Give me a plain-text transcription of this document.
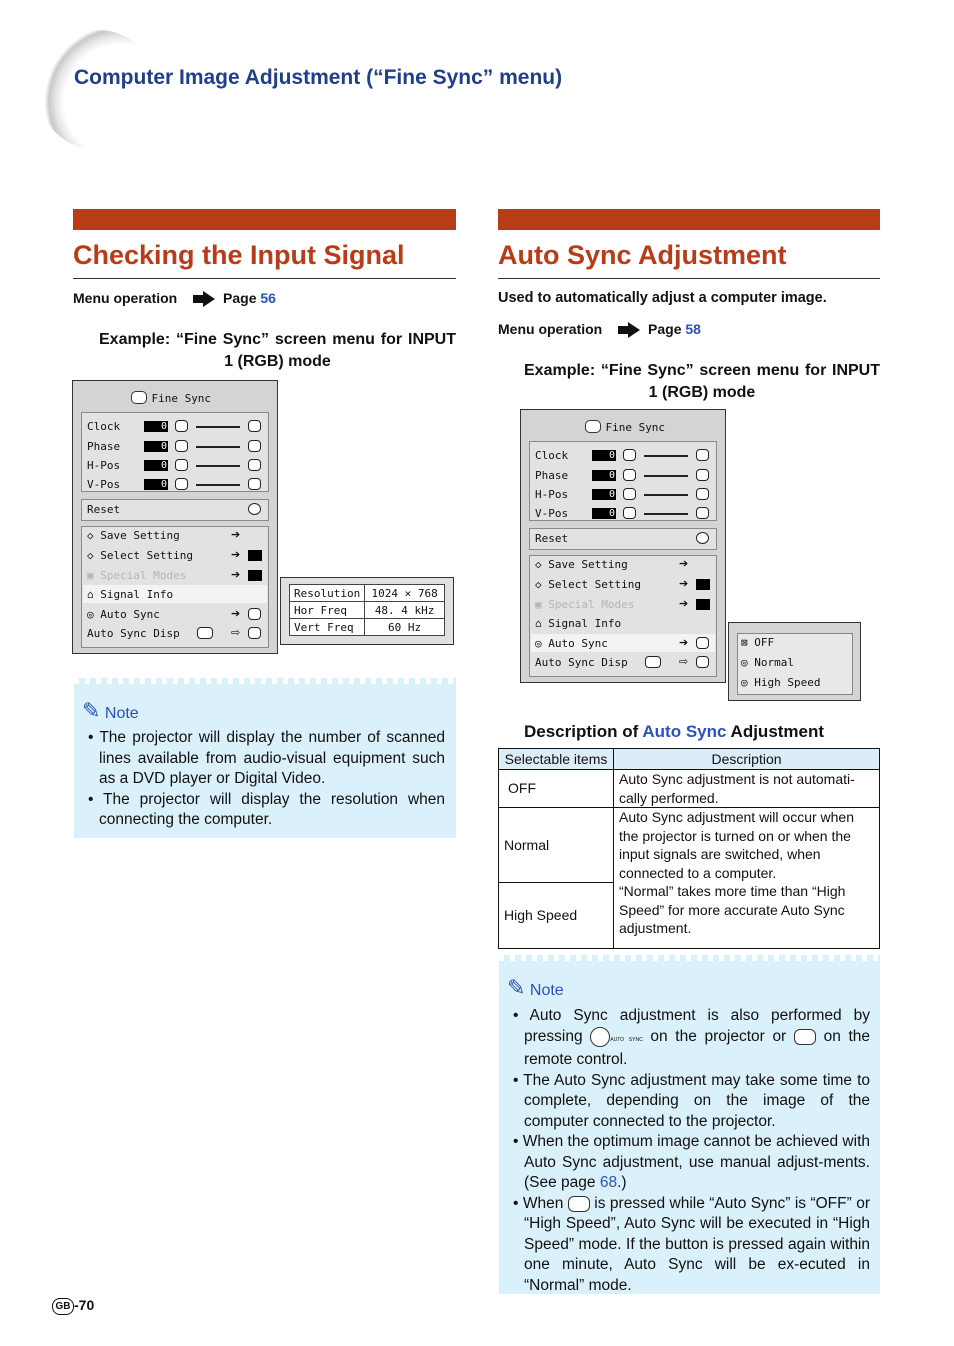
Computer Image Adjustment (“Fine Sync” menu)
Checking the Input Signal
Menu operation	Page 56
Example: “Fine Sync” screen menu for INPUT 1 (RGB) mode
Fine Sync
Clock	0
Phase	0
H-Pos	0
V-Pos	0
Reset
◇ Save Setting	➔
◇ Select Setting	➔
▣ Special Modes	➔
⌂ Signal Info
◎ Auto Sync	➔
Auto Sync Disp	⇨
Resolution	1024 × 768
Hor Freq	48. 4 kHz
Vert Freq	60 Hz
✎ Note

• The projector will display the number of scanned lines available from audio-visual equipment such as a DVD player or Digital Video.

• The projector will display the resolution when connecting the computer.

Auto Sync Adjustment
Used to automatically adjust a computer image.
Menu operation	Page 58
Example: “Fine Sync” screen menu for INPUT 1 (RGB) mode
Fine Sync
Clock	0
Phase	0
H-Pos	0
V-Pos	0
Reset
◇ Save Setting	➔
◇ Select Setting	➔
▣ Special Modes	➔
⌂ Signal Info
◎ Auto Sync	➔
Auto Sync Disp	⇨
⊠ OFF
◎ Normal
◎ High Speed
Description of Auto Sync Adjustment
Selectable items	Description
OFF	Auto Sync adjustment is not automati-cally performed.
Normal	Auto Sync adjustment will occur when the projector is turned on or when the input signals are switched, when connected to a computer.
High Speed	“Normal” takes more time than “High Speed” for more accurate Auto Sync adjustment.
✎ Note

• Auto Sync adjustment is also performed by pressing	AUTO SYNC on the projector or on the remote control.

• The Auto Sync adjustment may take some time to complete, depending on the image of the computer connected to the projector.

• When the optimum image cannot be achieved with Auto Sync adjustment, use manual adjust-ments. (See page 68.)

• When is pressed while “Auto Sync” is “OFF” or “High Speed”, Auto Sync will be executed in “High Speed” mode. If the button is pressed again within one minute, Auto Sync will be ex-ecuted in “Normal” mode.

GB -70
